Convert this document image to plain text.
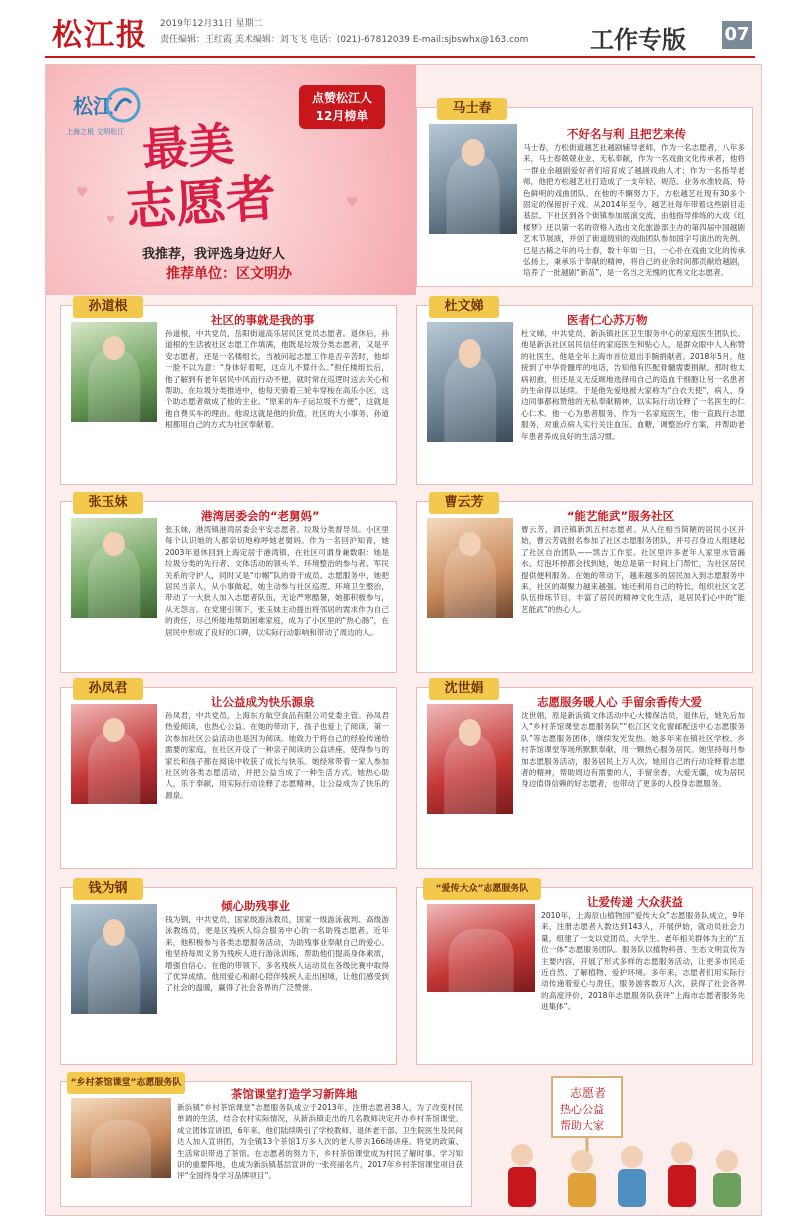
松江报 2019年12月31日 星期二
责任编辑：王红霞 美术编辑：刘飞飞 电话：(021)-67812039 E-mail:sjbswhx@163.com	工作专版 07
松江
上海之根 文明松江
♥
♥
♥
最美
志愿者
我推荐，我评选身边好人
推荐单位：区文明办
点赞松江人
12月榜单	马士春
不好名与利 且把艺来传
马士春，方松街道越艺社越剧辅导老师，作为一名志愿者，八年多来，马士春兢兢业业、无私奉献，作为一名戏曲文化传承者，他将一群业余越剧爱好者们培育成了越剧戏曲人才；作为一名指导老师，他把方松越艺社打造成了一支年轻、规范、业务水准较高、特色鲜明的戏曲团队，在他的不懈努力下，方松越艺社现有30多个固定的保留折子戏。从2014年至今，越艺社每年带着这些剧目走基层、下社区到各个街镇参加展演交流，由他指导排练的大戏《红楼梦》还以第一名的资格入选由文化旅游部主办的第四届中国越剧艺术节展演，并创了街道级别的戏曲团队参加国字号演出的先例。已是古稀之年的马士春，数十年如一日，一心扑在戏曲文化的传承弘扬上，秉承乐于奉献的精神，将自己的业余时间都贡献给越剧，培养了一批越剧“新苗”，是一名当之无愧的优秀文化志愿者。
孙道根
社区的事就是我的事
孙道根，中共党员，岳阳街道高乐居民区党员志愿者。退休后，孙道根的生活被社区志愿工作填满，他既是垃圾分类志愿者，又是平安志愿者，还是一名楼组长，当被问起志愿工作是否辛苦时，他却一脸不以为意：“身体好着呢，这点儿不算什么。”担任楼组长后，他了解到有老年居民中风而行动不便，就时常在巡逻时送去关心和帮助。在垃圾分类推进中，他每天骑着三轮车穿梭在高乐小区，这个助志愿者做成了他的主业。“原来的车子运垃圾不方便”，这就是他自费买车的理由。他说这就是他的价值，社区的大小事务，孙道根都用自己的方式为社区奉献着。
杜文娣
医者仁心苏万物
杜文娣，中共党员，新浜镇社区卫生服务中心的家庭医生团队长。他是新浜社区居民信任的家庭医生和贴心人，是群众眼中人人称赞的社医生。他是全年上海市首位退出手腕捐献者。2018年5月，他接到了中华骨髓库的电话，告知他有匹配骨髓需要捐献。那时他太病初愈，但还是义无反顾地选择用自己的造血干细胞让另一名患者的生命得以延续。于是他先爱地被大家称为“白衣天使”，病人、身边同事都称赞他的无私奉献精神，以实际行动诠释了一名医生的仁心仁术。他一心为患者服务，作为一名家庭医生，他一直践行志愿服务，对重点病人实行关注血压、血糖，调整治疗方案，并帮助老年患者养成良好的生活习惯。
张玉妹
港湾居委会的“老舅妈”
张玉妹，港湾镇港湾居委会平安志愿者、垃圾分类督导员。小区里每个认识她的人都亲切地称呼她老舅妈。作为一名回沪知青，她2003年退休回到上海定居于港湾镇，在社区可谓身兼数职：她是垃圾分类的先行者、文体活动的领头羊、环境整治的参与者、军民关系的守护人，同时又是“巾帼”队的骨干成员。志愿服务中，她把居民当亲人，从小事做起，她主动参与社区巡逻、环境卫生整治，带动了一大批人加入志愿者队伍，无论严寒酷暑，她都积极参与，从无怨言。在党建引领下，张玉妹主动提出将邻居的需求作为自己的责任，尽己所能地帮助困难家庭，成为了小区里的“热心肠”，在居民中形成了良好的口碑，以实际行动影响和带动了周边的人。
曹云芳
“能艺能武”服务社区
曹云芳，泗泾镇新凯五村志愿者。从入住相当简陋的居民小区开始，曹云芳就报名参加了社区志愿服务团队，并号召身边人组建起了社区自治团队——凯吉工作室。社区里许多老年人家里水管漏水、灯泡坏掉都会找到她，她总是第一时间上门帮忙，为社区居民提供便利服务。在她的带动下，越来越多的居民加入到志愿服务中来，社区的凝聚力越来越强。她还利用自己的特长，组织社区文艺队伍排练节目，丰富了居民的精神文化生活，是居民们心中的“能艺能武”的热心人。
孙凤君
让公益成为快乐源泉
孙凤君，中共党员，上海东方航空食品有限公司党委主管。孙凤君热爱阅读，也热心公益。在她的带动下，孩子也爱上了阅读，第一次参加社区公益活动也是因为阅读。她致力于将自己的经验传递给需要的家庭，在社区开设了一种亲子阅读的公益讲座，使得参与的家长和孩子都在阅读中收获了成长与快乐。她经常带着一家人参加社区的各类志愿活动，并把公益当成了一种生活方式。她热心助人，乐于奉献，用实际行动诠释了志愿精神，让公益成为了快乐的源泉。
沈世娟
志愿服务暖人心 手留余香传大爱
沈世娟，原是新浜镇文体活动中心大楼保洁员，退休后，她先后加入“乡村茶馆课堂志愿服务队”“松江区文化窗邮配送中心志愿服务队”等志愿服务团体，继续发光发热。她多年来在镇社区学校、乡村茶馆课堂等场所默默奉献，用一颗热心服务居民。她坚持每月参加志愿服务活动，服务居民上万人次。她用自己的行动诠释着志愿者的精神，帮助周边有需要的人，手留余香，大爱无疆，成为居民身边值得信赖的好志愿者，也带动了更多的人投身志愿服务。
钱为钢
倾心助残事业
钱为钢，中共党员，国家级游泳教员，国家一级游泳裁判、高级游泳教练员，更是区残疾人综合服务中心的一名助残志愿者。近年来，他积极参与各类志愿服务活动，为助残事业奉献自己的爱心。他坚持每周义务为残疾人进行游泳训练，帮助他们提高身体素质，增强自信心。在他的带领下，多名残疾人运动员在各级比赛中取得了优异成绩。他用爱心和耐心陪伴残疾人走出困境，让他们感受到了社会的温暖，赢得了社会各界的广泛赞誉。
“爱传大众”志愿服务队
让爱传递 大众获益
2010年，上海辰山植物园“爱传大众”志愿服务队成立，9年来，注册志愿者人数达到143人，开展伊始，就动员社会力量，组建了一支以党团员、大学生、老年相关群体为主的“五位一体”志愿服务团队。服务队以植物科普、生态文明宣传为主要内容，开展了形式多样的志愿服务活动，让更多市民走近自然、了解植物、爱护环境。多年来，志愿者们用实际行动传递着爱心与责任，服务游客数万人次，获得了社会各界的高度评价，2018年志愿服务队获评“上海市志愿者服务先进集体”。
“乡村茶馆课堂”志愿服务队
茶馆课堂打造学习新阵地
新浜镇“乡村茶馆课堂”志愿服务队成立于2013年，注册志愿者38人，为了改变村民单调的生活，结合农村实际情况，从新浜镇走出的几名教师决定开办乡村茶馆课堂。成立团体宣讲团，6年来，他们陆续吸引了学校教师、退休老干部、卫生院医生及民间达人加入宣讲团，为全镇13个茶馆1万多人次的老人带去166场讲座。将党的政策、生活常识带进了茶馆。在志愿者的努力下，乡村茶馆课堂成为村民了解时事、学习知识的重要阵地，也成为新浜镇基层宣讲的一张亮丽名片，2017年乡村茶馆课堂项目获评“全国终身学习品牌项目”。
志愿者
热心公益
帮助大家
